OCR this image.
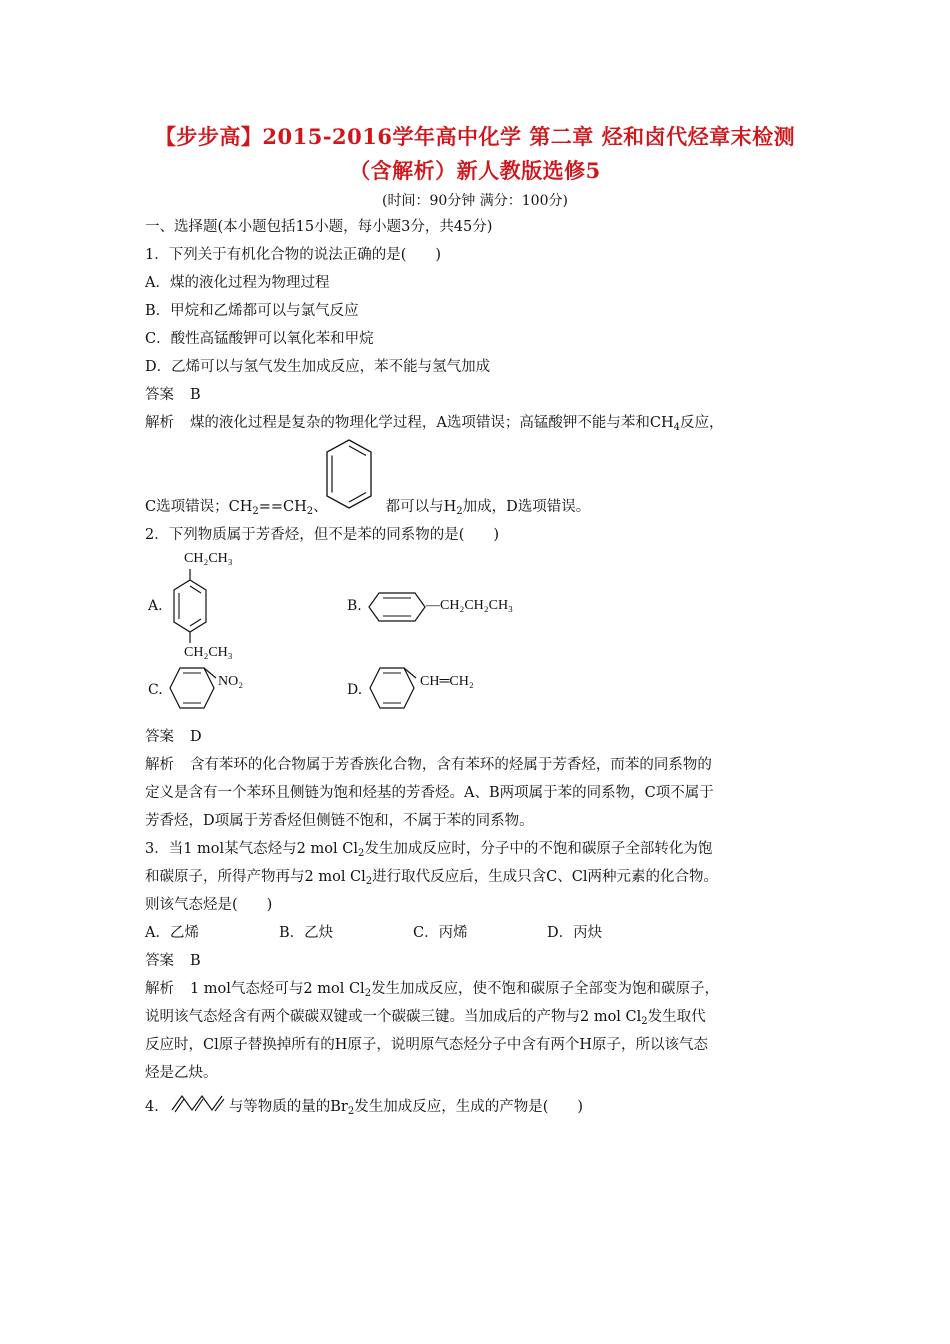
【步步高】2015-2016学年高中化学 第二章 烃和卤代烃章末检测
（含解析）新人教版选修5
(时间：90分钟 满分：100分)
一、选择题(本小题包括15小题，每小题3分，共45分)
1．下列关于有机化合物的说法正确的是(　　)
A．煤的液化过程为物理过程
B．甲烷和乙烯都可以与氯气反应
C．酸性高锰酸钾可以氧化苯和甲烷
D．乙烯可以与氢气发生加成反应，苯不能与氢气加成
答案 B
解析 煤的液化过程是复杂的物理化学过程，A选项错误；高锰酸钾不能与苯和$CH_4$反应，
C选项错误；$CH_2==CH_2$、	都可以与$H_2$加成，D选项错误。
2．下列物质属于芳香烃，但不是苯的同系物的是(　　)
A.
CH₂CH₃
CH₂CH₃
B.	—CH₂CH₂CH₃
C.
NO₂
D.
CH═CH₂
答案 D
解析 含有苯环的化合物属于芳香族化合物，含有苯环的烃属于芳香烃，而苯的同系物的
定义是含有一个苯环且侧链为饱和烃基的芳香烃。A、B两项属于苯的同系物，C项不属于
芳香烃，D项属于芳香烃但侧链不饱和，不属于苯的同系物。
3．当1 mol某气态烃与2 mol $Cl_2$发生加成反应时，分子中的不饱和碳原子全部转化为饱
和碳原子，所得产物再与2 mol $Cl_2$进行取代反应后，生成只含C、Cl两种元素的化合物。
则该气态烃是(　　)
A．乙烯	B．乙炔	C．丙烯	D．丙炔
答案 B
解析 1 mol气态烃可与2 mol $Cl_2$发生加成反应，使不饱和碳原子全部变为饱和碳原子，
说明该气态烃含有两个碳碳双键或一个碳碳三键。当加成后的产物与2 mol $Cl_2$发生取代
反应时，Cl原子替换掉所有的H原子，说明原气态烃分子中含有两个H原子，所以该气态
烃是乙炔。
4．	与等物质的量的$Br_2$发生加成反应，生成的产物是(　　)
